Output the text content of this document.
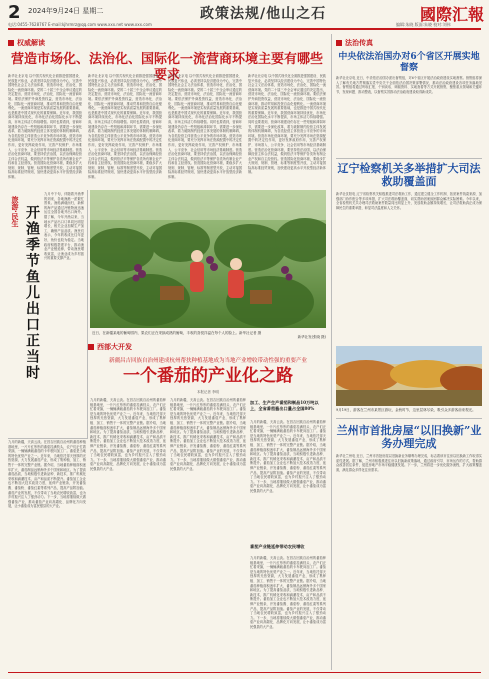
2 2024年9月24日 星期二	政策法规/他山之石	國際汇報
电话:0455-7628767 E-mail:kjhrmrz@qq.com www.xxx.net www.xxx.com	编辑:朱晓 版面:朱晓 校对:刘伟
权威解读
营造市场化、法治化、国际化一流营商环境主要有哪些要求
新华社北京电 以中国式现代化全面推进强国建设、民族复兴伟业，必须坚持以经济建设为中心，完善中国特色社会主义法治体系，营造市场化、法治化、国际化一流营商环境。党的二十届三中全会审议通过的决定提出，营造市场化、法治化、国际化一流营商环境。要依法保护外商投资权益，营造市场化、法治化、国际化一流营商环境，推动贸易和投资自由化便利化。一流营商环境是实现高质量发展的重要基础，也是推进中国式现代化的重要保障。近年来，我国营商环境持续优化，市场化法治化国际化水平不断提高，市场主体活力持续增强。同时也要看到，营商环境建设仍存在一些短板和薄弱环节，需要进一步深化改革，着力破除制约经营主体发展的体制机制障碍，为各类经营主体营造公平竞争的市场环境。营造市场化营商环境，要充分发挥市场在资源配置中的决定性作用，更好发挥政府作用，完善产权保护、市场准入、公平竞争、社会信用等市场经济基础制度。营造法治化营商环境，要坚持依法治国，以法治保障经营主体合法权益，做到依法平等保护各类所有制企业产权和自主经营权。营造国际化营商环境，要稳步扩大规则、规制、管理、标准等制度型开放，主动对接国际高标准经贸规则，加快建设更高水平开放型经济新体制。
新华社北京电 以中国式现代化全面推进强国建设、民族复兴伟业，必须坚持以经济建设为中心，完善中国特色社会主义法治体系，营造市场化、法治化、国际化一流营商环境。党的二十届三中全会审议通过的决定提出，营造市场化、法治化、国际化一流营商环境。要依法保护外商投资权益，营造市场化、法治化、国际化一流营商环境，推动贸易和投资自由化便利化。一流营商环境是实现高质量发展的重要基础，也是推进中国式现代化的重要保障。近年来，我国营商环境持续优化，市场化法治化国际化水平不断提高，市场主体活力持续增强。同时也要看到，营商环境建设仍存在一些短板和薄弱环节，需要进一步深化改革，着力破除制约经营主体发展的体制机制障碍，为各类经营主体营造公平竞争的市场环境。营造市场化营商环境，要充分发挥市场在资源配置中的决定性作用，更好发挥政府作用，完善产权保护、市场准入、公平竞争、社会信用等市场经济基础制度。营造法治化营商环境，要坚持依法治国，以法治保障经营主体合法权益，做到依法平等保护各类所有制企业产权和自主经营权。营造国际化营商环境，要稳步扩大规则、规制、管理、标准等制度型开放，主动对接国际高标准经贸规则，加快建设更高水平开放型经济新体制。
新华社北京电 以中国式现代化全面推进强国建设、民族复兴伟业，必须坚持以经济建设为中心，完善中国特色社会主义法治体系，营造市场化、法治化、国际化一流营商环境。党的二十届三中全会审议通过的决定提出，营造市场化、法治化、国际化一流营商环境。要依法保护外商投资权益，营造市场化、法治化、国际化一流营商环境，推动贸易和投资自由化便利化。一流营商环境是实现高质量发展的重要基础，也是推进中国式现代化的重要保障。近年来，我国营商环境持续优化，市场化法治化国际化水平不断提高，市场主体活力持续增强。同时也要看到，营商环境建设仍存在一些短板和薄弱环节，需要进一步深化改革，着力破除制约经营主体发展的体制机制障碍，为各类经营主体营造公平竞争的市场环境。营造市场化营商环境，要充分发挥市场在资源配置中的决定性作用，更好发挥政府作用，完善产权保护、市场准入、公平竞争、社会信用等市场经济基础制度。营造法治化营商环境，要坚持依法治国，以法治保障经营主体合法权益，做到依法平等保护各类所有制企业产权和自主经营权。营造国际化营商环境，要稳步扩大规则、规制、管理、标准等制度型开放，主动对接国际高标准经贸规则，加快建设更高水平开放型经济新体制。
新华社北京电 以中国式现代化全面推进强国建设、民族复兴伟业，必须坚持以经济建设为中心，完善中国特色社会主义法治体系，营造市场化、法治化、国际化一流营商环境。党的二十届三中全会审议通过的决定提出，营造市场化、法治化、国际化一流营商环境。要依法保护外商投资权益，营造市场化、法治化、国际化一流营商环境，推动贸易和投资自由化便利化。一流营商环境是实现高质量发展的重要基础，也是推进中国式现代化的重要保障。近年来，我国营商环境持续优化，市场化法治化国际化水平不断提高，市场主体活力持续增强。同时也要看到，营商环境建设仍存在一些短板和薄弱环节，需要进一步深化改革，着力破除制约经营主体发展的体制机制障碍，为各类经营主体营造公平竞争的市场环境。营造市场化营商环境，要充分发挥市场在资源配置中的决定性作用，更好发挥政府作用，完善产权保护、市场准入、公平竞争、社会信用等市场经济基础制度。营造法治化营商环境，要坚持依法治国，以法治保障经营主体合法权益，做到依法平等保护各类所有制企业产权和自主经营权。营造国际化营商环境，要稳步扩大规则、规制、管理、标准等制度型开放，主动对接国际高标准经贸规则，加快建设更高水平开放型经济新体制。
旅游·民生 开渔季节鱼儿出口正当时
九月中下旬，伴随着开渔季的到来，各地渔港一派繁忙景象。渔船满载而归，新鲜的海产品通过冷链物流迅速运往全国各地并出口海外。据了解，今年开渔以来，当地水产品出口订单同比明显增长，相关企业加紧生产加工，确保产品品质。渔民们表示，今年的收成比往年更好，鱼价也较为稳定。当地政府积极搭建平台，推动渔业产业链延伸，带动渔民增收致富，让渔业成为乡村振兴的重要支撑产业。
近日，在新疆某地的葡萄园内，果农们正在采摘成熟的葡萄，丰收的喜悦洋溢在每个人的脸上。新华社记者 摄
新华社发(张晓 摄)
西部大开发
新疆昌吉回族自治州建成杭州帮扶种植基地成为当地产业增收带动性强的重要产业
一个番茄的产业化之路
本报记者 李明
九月的新疆，天高云淡。在昌吉回族自治州的番茄种植基地里，一片片红彤彤的番茄挂满枝头，农户们正忙着采摘，一辆辆满载番茄的卡车驶向加工厂。番茄是当地的特色优势产业之一。近年来，当地依托得天独厚的光热资源，大力发展番茄产业，形成了集种植、加工、销售于一体的完整产业链。据介绍，当地番茄种植面积逐年扩大，番茄制品远销海外多个国家和地区。为了提高番茄品质，当地积极引进新品种、新技术，推广机械化采收和滴灌技术，亩产和品质不断提升。番茄加工企业也不断加大技术改造力度，延伸产业链条，开发番茄酱、番茄粉、番茄红素等系列产品，提高产品附加值。番茄产业的发展，不仅带动了当地农民增收致富，也为乡村振兴注入了强劲动力。下一步，当地将继续做大做强番茄产业，推动番茄产业向高端化、品牌化方向发展，让小番茄成为富民强县的大产业。
九月的新疆，天高云淡。在昌吉回族自治州的番茄种植基地里，一片片红彤彤的番茄挂满枝头，农户们正忙着采摘，一辆辆满载番茄的卡车驶向加工厂。番茄是当地的特色优势产业之一。近年来，当地依托得天独厚的光热资源，大力发展番茄产业，形成了集种植、加工、销售于一体的完整产业链。据介绍，当地番茄种植面积逐年扩大，番茄制品远销海外多个国家和地区。为了提高番茄品质，当地积极引进新品种、新技术，推广机械化采收和滴灌技术，亩产和品质不断提升。番茄加工企业也不断加大技术改造力度，延伸产业链条，开发番茄酱、番茄粉、番茄红素等系列产品，提高产品附加值。番茄产业的发展，不仅带动了当地农民增收致富，也为乡村振兴注入了强劲动力。下一步，当地将继续做大做强番茄产业，推动番茄产业向高端化、品牌化方向发展，让小番茄成为富民强县的大产业。
九月的新疆，天高云淡。在昌吉回族自治州的番茄种植基地里，一片片红彤彤的番茄挂满枝头，农户们正忙着采摘，一辆辆满载番茄的卡车驶向加工厂。番茄是当地的特色优势产业之一。近年来，当地依托得天独厚的光热资源，大力发展番茄产业，形成了集种植、加工、销售于一体的完整产业链。据介绍，当地番茄种植面积逐年扩大，番茄制品远销海外多个国家和地区。为了提高番茄品质，当地积极引进新品种、新技术，推广机械化采收和滴灌技术，亩产和品质不断提升。番茄加工企业也不断加大技术改造力度，延伸产业链条，开发番茄酱、番茄粉、番茄红素等系列产品，提高产品附加值。番茄产业的发展，不仅带动了当地农民增收致富，也为乡村振兴注入了强劲动力。下一步，当地将继续做大做强番茄产业，推动番茄产业向高端化、品牌化方向发展，让小番茄成为富民强县的大产业。
加工、生产生产番茄和制品10万吨以上，全省番茄酱出口量占全国80%
九月的新疆，天高云淡。在昌吉回族自治州的番茄种植基地里，一片片红彤彤的番茄挂满枝头，农户们正忙着采摘，一辆辆满载番茄的卡车驶向加工厂。番茄是当地的特色优势产业之一。近年来，当地依托得天独厚的光热资源，大力发展番茄产业，形成了集种植、加工、销售于一体的完整产业链。据介绍，当地番茄种植面积逐年扩大，番茄制品远销海外多个国家和地区。为了提高番茄品质，当地积极引进新品种、新技术，推广机械化采收和滴灌技术，亩产和品质不断提升。番茄加工企业也不断加大技术改造力度，延伸产业链条，开发番茄酱、番茄粉、番茄红素等系列产品，提高产品附加值。番茄产业的发展，不仅带动了当地农民增收致富，也为乡村振兴注入了强劲动力。下一步，当地将继续做大做强番茄产业，推动番茄产业向高端化、品牌化方向发展，让小番茄成为富民强县的大产业。
番茄产业链延伸带动农民增收
九月的新疆，天高云淡。在昌吉回族自治州的番茄种植基地里，一片片红彤彤的番茄挂满枝头，农户们正忙着采摘，一辆辆满载番茄的卡车驶向加工厂。番茄是当地的特色优势产业之一。近年来，当地依托得天独厚的光热资源，大力发展番茄产业，形成了集种植、加工、销售于一体的完整产业链。据介绍，当地番茄种植面积逐年扩大，番茄制品远销海外多个国家和地区。为了提高番茄品质，当地积极引进新品种、新技术，推广机械化采收和滴灌技术，亩产和品质不断提升。番茄加工企业也不断加大技术改造力度，延伸产业链条，开发番茄酱、番茄粉、番茄红素等系列产品，提高产品附加值。番茄产业的发展，不仅带动了当地农民增收致富，也为乡村振兴注入了强劲动力。下一步，当地将继续做大做强番茄产业，推动番茄产业向高端化、品牌化方向发展，让小番茄成为富民强县的大产业。
法治传真
中央依法治国办对6个省区开展实地督察
新华社北京电 近日，中央依法治国办派出督察组，对6个省区开展法治政府建设实地督察。督察组将深入了解有关地方贯彻落实党中央关于全面依法治国决策部署情况，推动法治政府建设各项任务落地见效。督察组将通过听取汇报、个别谈话、调阅资料、实地查看等方式开展督察，聚焦重点领域和关键环节，发现问题、推动整改，以督察实效推动法治政府建设取得新成效。
辽宁检察机关多举措扩大司法救助覆盖面
新华社沈阳电 辽宁省检察机关积极推进司法救助工作，通过建立健全工作机制、拓宽案件线索来源、加强部门协作配合等多项举措，扩大司法救助覆盖面，切实帮助因案致困群众解决实际困难。今年以来，全省检察机关共办理司法救助案件数量同比明显上升，发放救助金额持续增长，让司法救助真正成为保障民生的重要举措，彰显司法温度和人文关怀。
9月19日，游客在兰州市某景区游玩，金秋时节，这里层林尽染，吸引众多游客前来观光。
兰州市首批房屋“以旧换新”业务办理完成
新华社兰州电 近日，兰州市首批房屋以旧换新业务顺利办理完成，标志着该市住房以旧换新工作取得实质性进展。据了解，兰州市积极推进住房以旧换新政策落地，通过政府引导、市场运作的方式，帮助群众改善居住条件，促进房地产市场平稳健康发展。下一步，兰州将进一步优化服务流程，扩大政策覆盖面，满足群众多样化住房需求。
